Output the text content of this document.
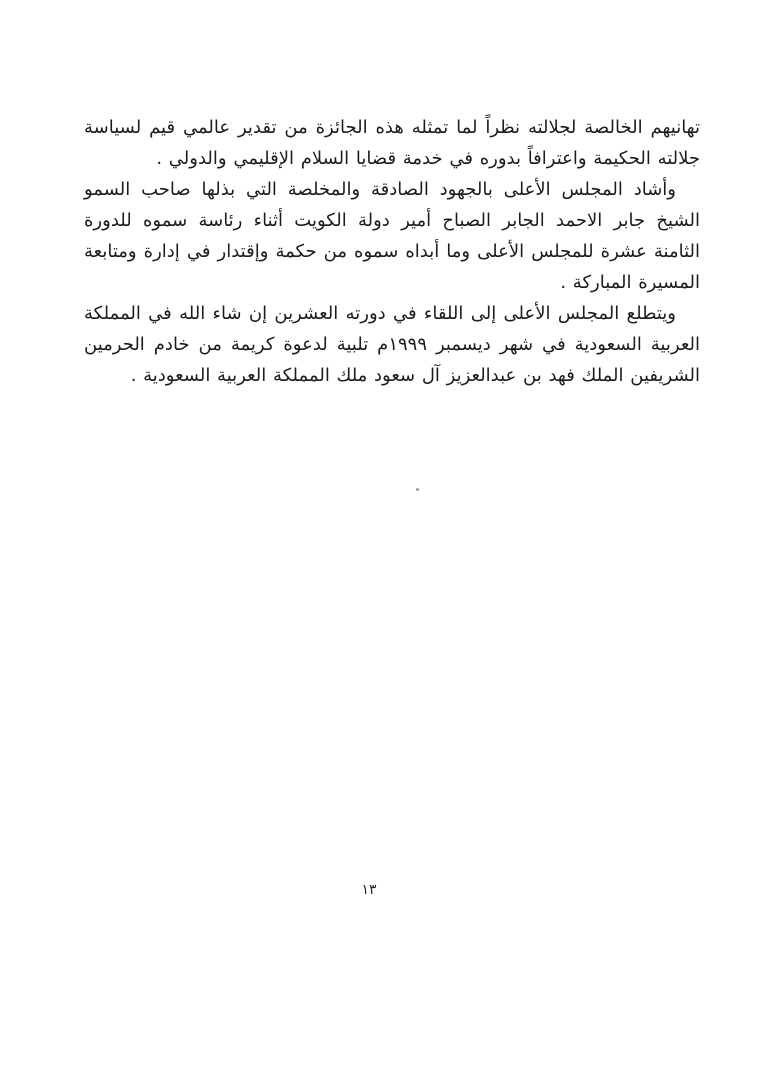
تهانيهم الخالصة لجلالته نظراً لما تمثله هذه الجائزة من تقدير عالمي قيم لسياسة جلالته الحكيمة واعترافاً بدوره في خدمة قضايا السلام الإقليمي والدولي .

وأشاد المجلس الأعلى بالجهود الصادقة والمخلصة التي بذلها صاحب السمو الشيخ جابر الاحمد الجابر الصباح أمير دولة الكويت أثناء رئاسة سموه للدورة الثامنة عشرة للمجلس الأعلى وما أبداه سموه من حكمة وإقتدار في إدارة ومتابعة المسيرة المباركة .

ويتطلع المجلس الأعلى إلى اللقاء في دورته العشرين إن شاء الله في المملكة العربية السعودية في شهر ديسمبر ١٩٩٩م تلبية لدعوة كريمة من خادم الحرمين الشريفين الملك فهد بن عبدالعزيز آل سعود ملك المملكة العربية السعودية .

١٣
